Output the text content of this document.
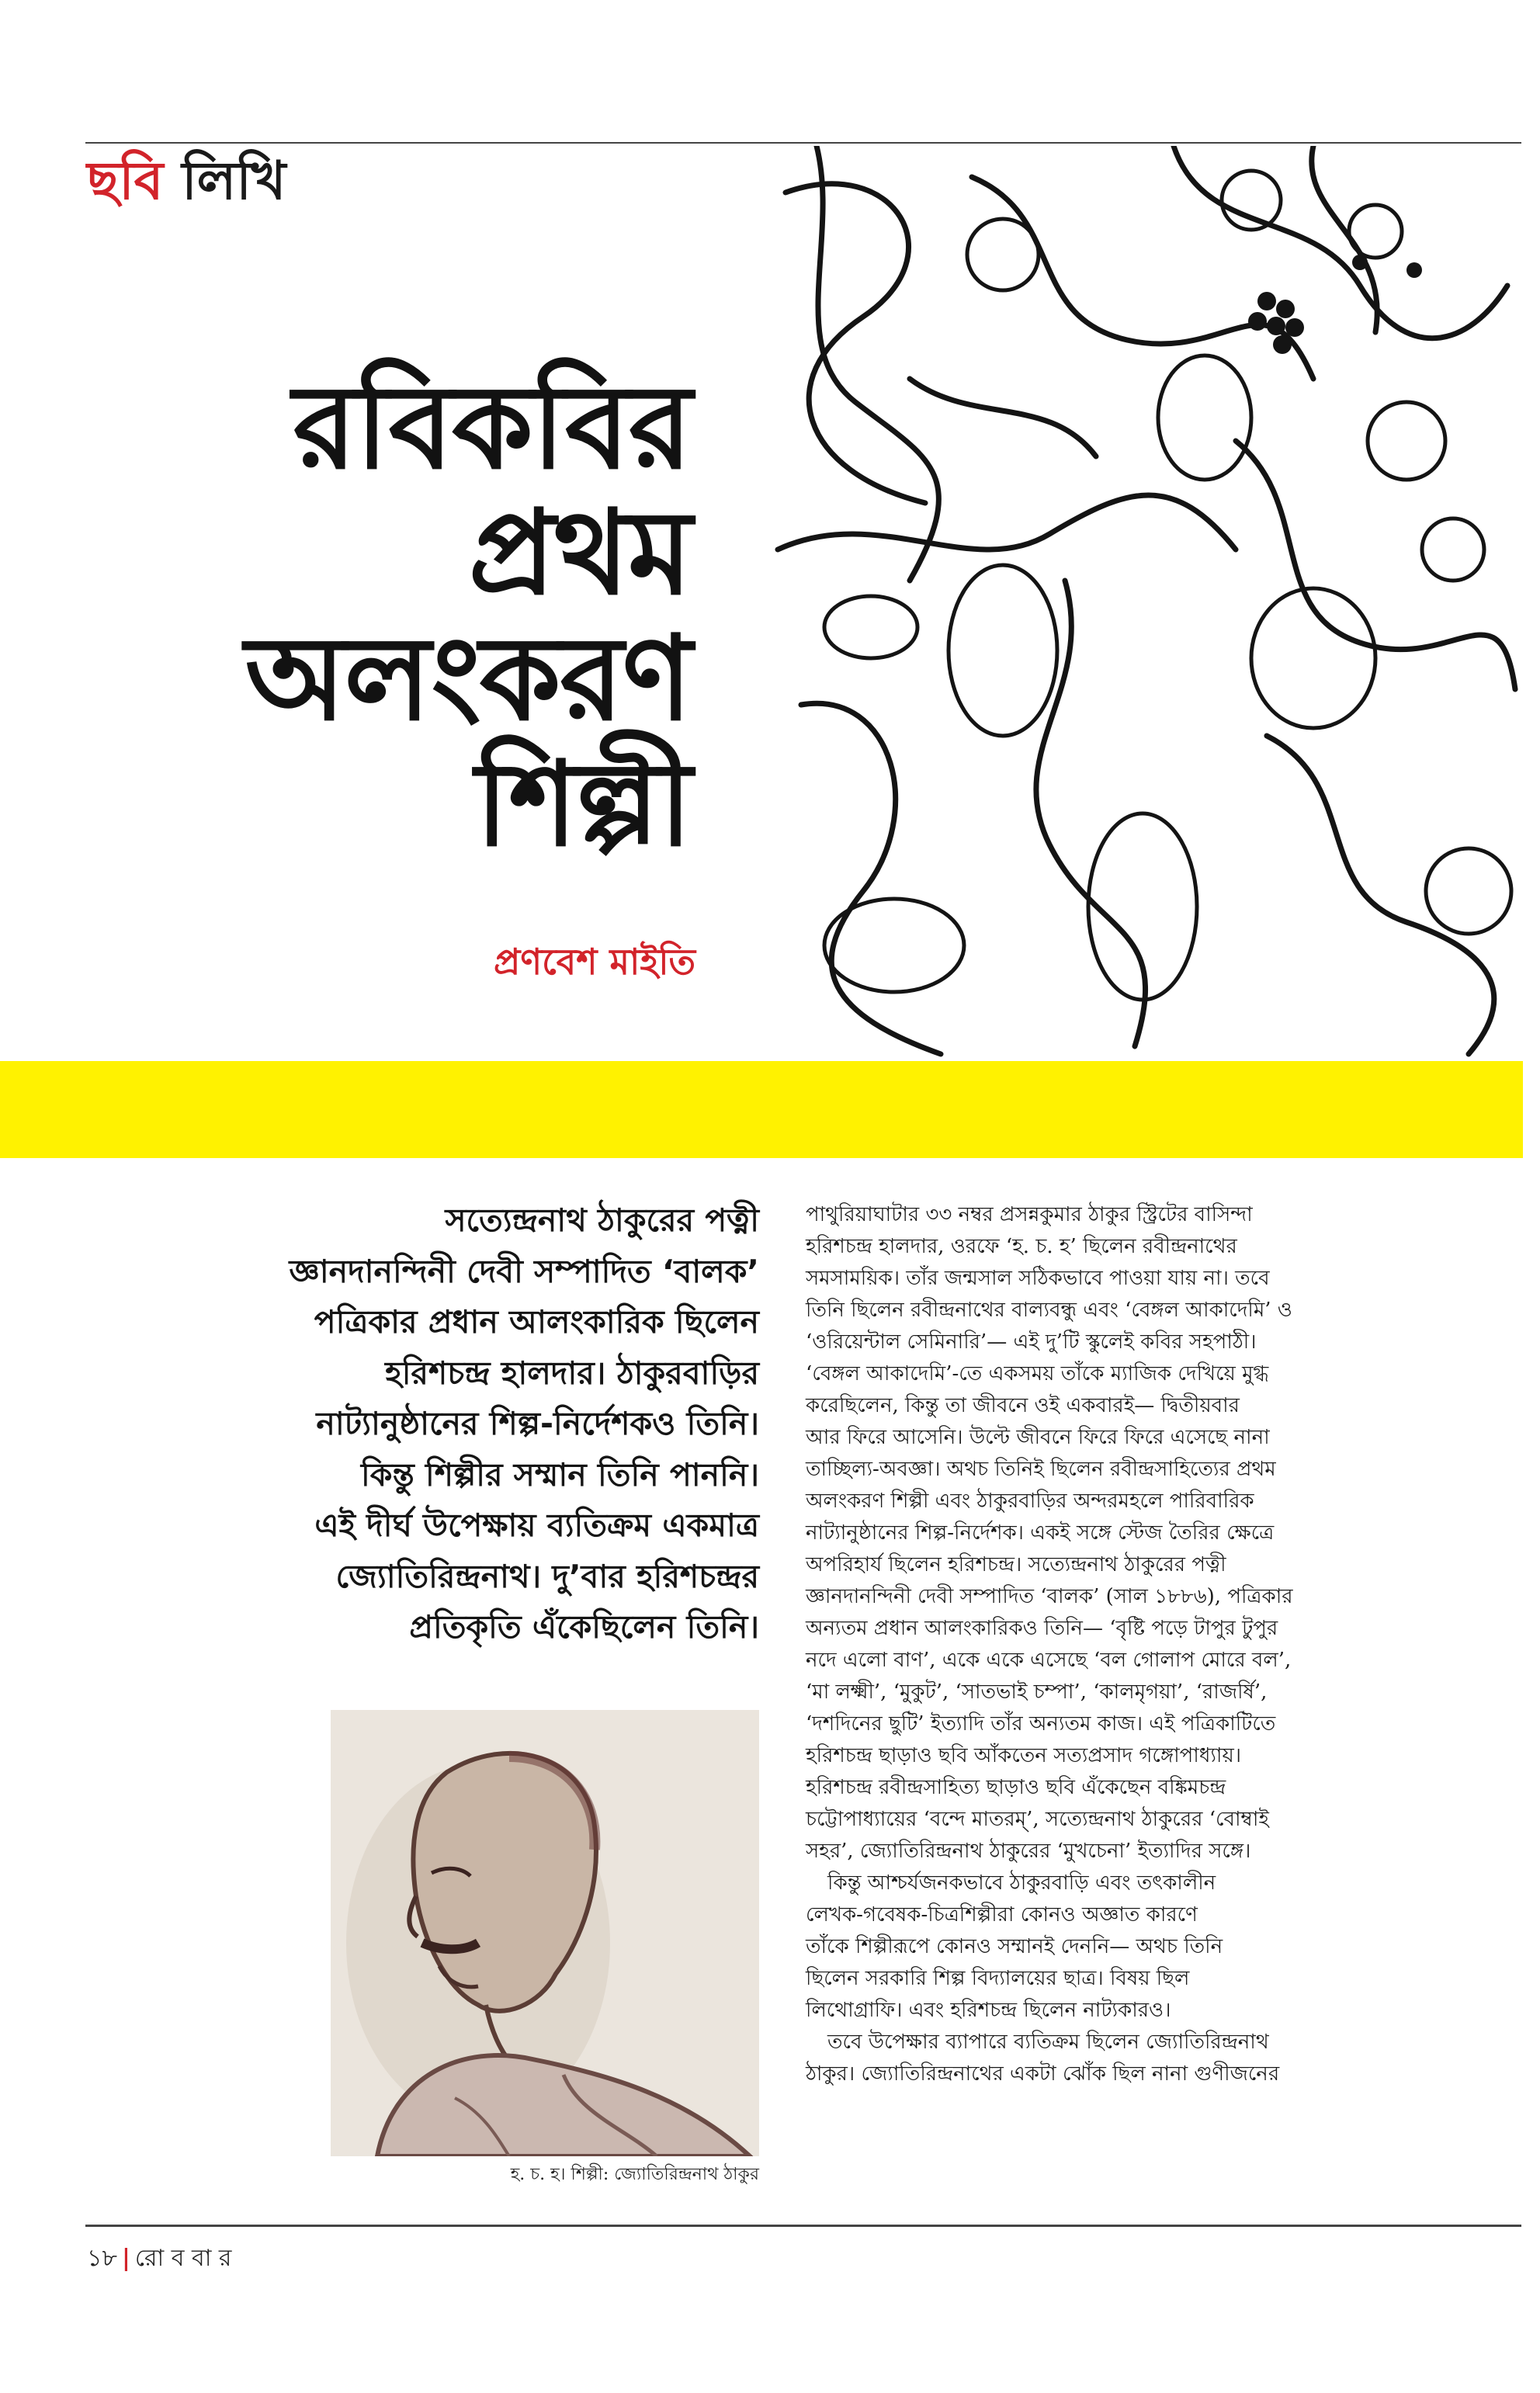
ছবি লিখি
রবিকবির
প্রথম
অলংকরণ
শিল্পী
প্রণবেশ মাইতি

সত্যেন্দ্রনাথ ঠাকুরের পত্নী

জ্ঞানদানন্দিনী দেবী সম্পাদিত ‘বালক’

পত্রিকার প্রধান আলংকারিক ছিলেন

হরিশচন্দ্র হালদার। ঠাকুরবাড়ির

নাট্যানুষ্ঠানের শিল্প-নির্দেশকও তিনি।

কিন্তু শিল্পীর সম্মান তিনি পাননি।

এই দীর্ঘ উপেক্ষায় ব্যতিক্রম একমাত্র

জ্যোতিরিন্দ্রনাথ। দু’বার হরিশচন্দ্রর

প্রতিকৃতি এঁকেছিলেন তিনি।

হ. চ. হ। শিল্পী: জ্যোতিরিন্দ্রনাথ ঠাকুর

পাথুরিয়াঘাটার ৩৩ নম্বর প্রসন্নকুমার ঠাকুর স্ট্রিটের বাসিন্দা
হরিশচন্দ্র হালদার, ওরফে ‘হ. চ. হ’ ছিলেন রবীন্দ্রনাথের
সমসাময়িক। তাঁর জন্মসাল সঠিকভাবে পাওয়া যায় না। তবে
তিনি ছিলেন রবীন্দ্রনাথের বাল্যবন্ধু এবং ‘বেঙ্গল আকাদেমি’ ও
‘ওরিয়েন্টাল সেমিনারি’— এই দু’টি স্কুলেই কবির সহপাঠী।
‘বেঙ্গল আকাদেমি’-তে একসময় তাঁকে ম্যাজিক দেখিয়ে মুগ্ধ
করেছিলেন, কিন্তু তা জীবনে ওই একবারই— দ্বিতীয়বার
আর ফিরে আসেনি। উল্টে জীবনে ফিরে ফিরে এসেছে নানা
তাচ্ছিল্য-অবজ্ঞা। অথচ তিনিই ছিলেন রবীন্দ্রসাহিত্যের প্রথম
অলংকরণ শিল্পী এবং ঠাকুরবাড়ির অন্দরমহলে পারিবারিক
নাট্যানুষ্ঠানের শিল্প-নির্দেশক। একই সঙ্গে স্টেজ তৈরির ক্ষেত্রে
অপরিহার্য ছিলেন হরিশচন্দ্র। সত্যেন্দ্রনাথ ঠাকুরের পত্নী
জ্ঞানদানন্দিনী দেবী সম্পাদিত ‘বালক’ (সাল ১৮৮৬), পত্রিকার
অন্যতম প্রধান আলংকারিকও তিনি— ‘বৃষ্টি পড়ে টাপুর টুপুর
নদে এলো বাণ’, একে একে এসেছে ‘বল গোলাপ মোরে বল’,
‘মা লক্ষ্মী’, ‘মুকুট’, ‘সাতভাই চম্পা’, ‘কালমৃগয়া’, ‘রাজর্ষি’,
‘দশদিনের ছুটি’ ইত্যাদি তাঁর অন্যতম কাজ। এই পত্রিকাটিতে
হরিশচন্দ্র ছাড়াও ছবি আঁকতেন সত্যপ্রসাদ গঙ্গোপাধ্যায়।
হরিশচন্দ্র রবীন্দ্রসাহিত্য ছাড়াও ছবি এঁকেছেন বঙ্কিমচন্দ্র
চট্টোপাধ্যায়ের ‘বন্দে মাতরম্’, সত্যেন্দ্রনাথ ঠাকুরের ‘বোম্বাই
সহর’, জ্যোতিরিন্দ্রনাথ ঠাকুরের ‘মুখচেনা’ ইত্যাদির সঙ্গে।

কিন্তু আশ্চর্যজনকভাবে ঠাকুরবাড়ি এবং তৎকালীন
লেখক-গবেষক-চিত্রশিল্পীরা কোনও অজ্ঞাত কারণে
তাঁকে শিল্পীরূপে কোনও সম্মানই দেননি— অথচ তিনি
ছিলেন সরকারি শিল্প বিদ্যালয়ের ছাত্র। বিষয় ছিল
লিথোগ্রাফি। এবং হরিশচন্দ্র ছিলেন নাট্যকারও।

তবে উপেক্ষার ব্যাপারে ব্যতিক্রম ছিলেন জ্যোতিরিন্দ্রনাথ
ঠাকুর। জ্যোতিরিন্দ্রনাথের একটা ঝোঁক ছিল নানা গুণীজনের

১৮ | রো ব বা র
